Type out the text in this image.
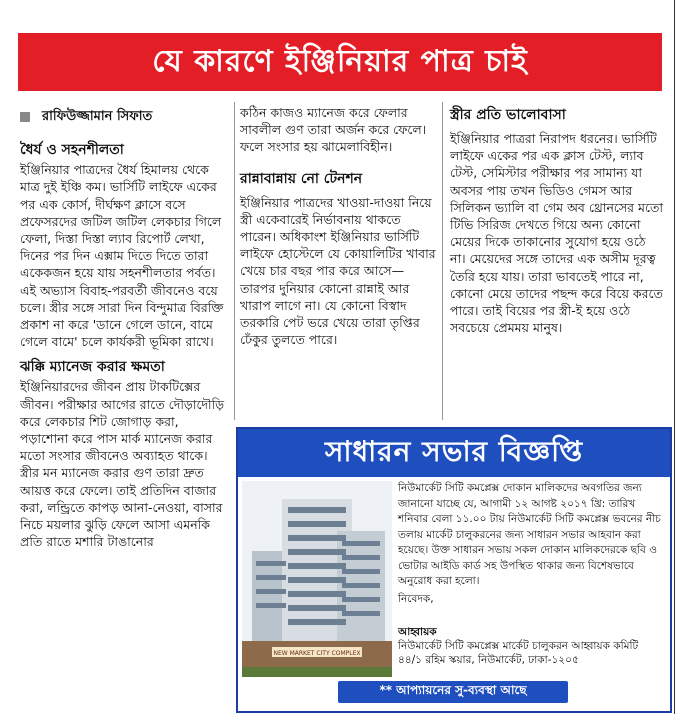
যে কারণে ইঞ্জিনিয়ার পাত্র চাই
রাফিউজ্জামান সিফাত
ধৈর্য ও সহনশীলতা

ইঞ্জিনিয়ার পাত্রদের ধৈর্য হিমালয় থেকে মাত্র দুই ইঞ্চি কম। ভার্সিটি লাইফে একের পর এক কোর্স, দীর্ঘক্ষণ ক্লাসে বসে প্রফেসরদের জটিল জটিল লেকচার গিলে ফেলা, দিস্তা দিস্তা ল্যাব রিপোর্ট লেখা, দিনের পর দিন এক্সাম দিতে দিতে তারা একেকজন হয়ে যায় সহনশীলতার পর্বত। এই অভ্যাস বিবাহ-পরবর্তী জীবনেও বয়ে চলে। স্ত্রীর সঙ্গে সারা দিন বিন্দুমাত্র বিরক্তি প্রকাশ না করে 'ডানে গেলে ডানে, বামে গেলে বামে' চলে কার্যকরী ভূমিকা রাখে।

ঝক্কি ম্যানেজ করার ক্ষমতা

ইঞ্জিনিয়ারদের জীবন প্রায় টাকটিক্সের জীবন। পরীক্ষার আগের রাতে দৌড়াদৌড়ি করে লেকচার শিট জোগাড় করা, পড়াশোনা করে পাস মার্ক ম্যানেজ করার মতো সংসার জীবনেও অব্যাহত থাকে। স্ত্রীর মন ম্যানেজ করার গুণ তারা দ্রুত আয়ত্ত করে ফেলে। তাই প্রতিদিন বাজার করা, লন্ড্রিতে কাপড় আনা-নেওয়া, বাসার নিচে ময়লার ঝুড়ি ফেলে আসা এমনকি প্রতি রাতে মশারি টাঙানোর

কঠিন কাজও ম্যানেজ করে ফেলার সাবলীল গুণ তারা অর্জন করে ফেলে। ফলে সংসার হয় ঝামেলাবিহীন।

রান্নাবান্নায় নো টেনশন

ইঞ্জিনিয়ার পাত্রদের খাওয়া-দাওয়া নিয়ে স্ত্রী একেবারেই নির্ভাবনায় থাকতে পারেন। অধিকাংশ ইঞ্জিনিয়ার ভার্সিটি লাইফে হোস্টেলে যে কোয়ালিটির খাবার খেয়ে চার বছর পার করে আসে— তারপর দুনিয়ার কোনো রান্নাই আর খারাপ লাগে না। যে কোনো বিস্বাদ তরকারি পেট ভরে খেয়ে তারা তৃপ্তির ঢেঁকুর তুলতে পারে।

স্ত্রীর প্রতি ভালোবাসা

ইঞ্জিনিয়ার পাত্ররা নিরাপদ ধরনের। ভার্সিটি লাইফে একের পর এক ক্লাস টেস্ট, ল্যাব টেস্ট, সেমিস্টার পরীক্ষার পর সামান্য যা অবসর পায় তখন ভিডিও গেমস আর সিলিকন ভ্যালি বা গেম অব থ্রোনসের মতো টিভি সিরিজ দেখতে গিয়ে অন্য কোনো মেয়ের দিকে তাকানোর সুযোগ হয়ে ওঠে না। মেয়েদের সঙ্গে তাদের এক অসীম দূরত্ব তৈরি হয়ে যায়। তারা ভাবতেই পারে না, কোনো মেয়ে তাদের পছন্দ করে বিয়ে করতে পারে। তাই বিয়ের পর স্ত্রী-ই হয়ে ওঠে সবচেয়ে প্রেমময় মানুষ।

সাধারন সভার বিজ্ঞপ্তি
NEW MARKET CITY COMPLEX

নিউমার্কেট সিটি কমপ্লেক্স দোকান মালিকদের অবগতির জন্য জানানো যাচ্ছে যে, আগামী ১২ আগষ্ট ২০১৭ খ্রি: তারিখ শনিবার বেলা ১১.০০ টায় নিউমার্কেট সিটি কমপ্লেক্স ভবনের নীচ তলায় মার্কেট চালুকরনের জন্য সাধারন সভার আহবান করা হয়েছে। উক্ত সাধারন সভায় সকল দোকান মালিকদেরকে ছবি ও ভোটার আইডি কার্ড সহ উপস্থিত থাকার জন্য বিশেষভাবে অনুরোধ করা হলো।

নিবেদক,

আহ্বায়ক
নিউমার্কেট সিটি কমপ্লেক্স মার্কেট চালুকরন আহ্বায়ক কমিটি
৪৪/১ রহিম স্কয়ার, নিউমার্কেট, ঢাকা-১২০৫
** আপ্যায়নের সু-ব্যবস্থা আছে
